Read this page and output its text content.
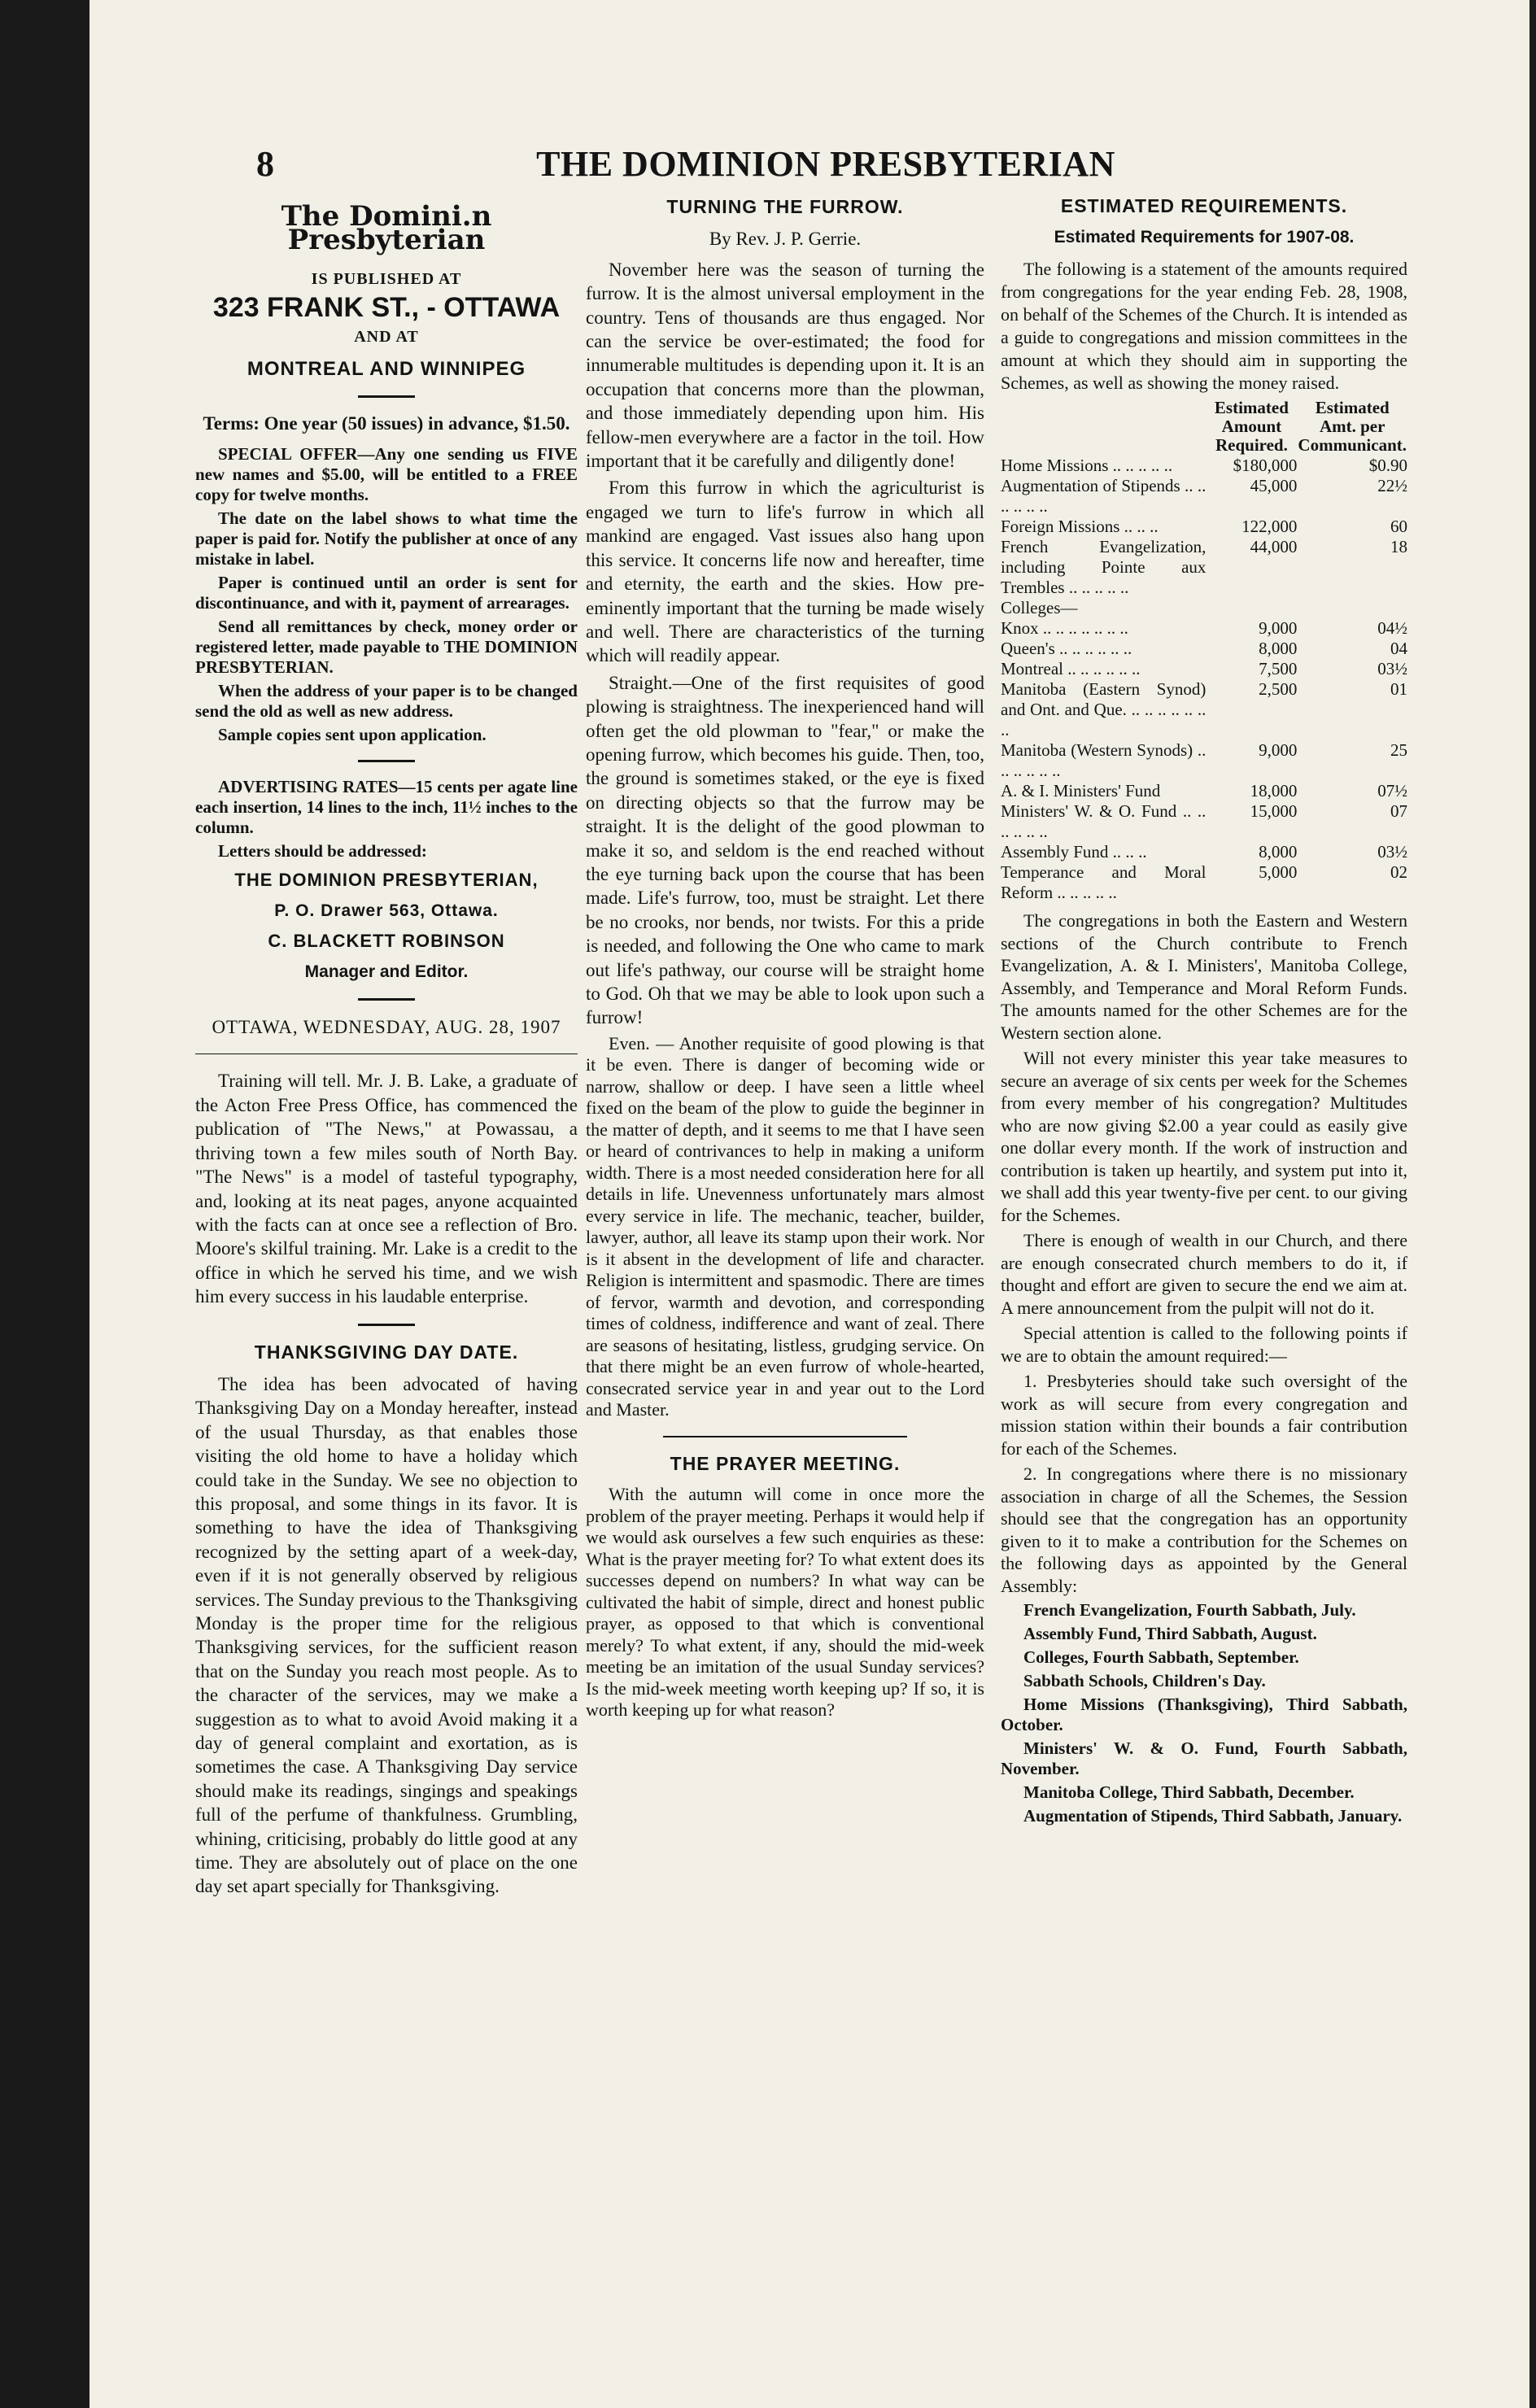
8	THE DOMINION PRESBYTERIAN
The Domini.n Presbyterian
IS PUBLISHED AT
323 FRANK ST., - OTTAWA
AND AT
MONTREAL AND WINNIPEG

Terms: One year (50 issues) in advance, $1.50.

SPECIAL OFFER—Any one sending us FIVE new names and $5.00, will be entitled to a FREE copy for twelve months.

The date on the label shows to what time the paper is paid for. Notify the publisher at once of any mistake in label.

Paper is continued until an order is sent for discontinuance, and with it, payment of arrearages.

Send all remittances by check, money order or registered letter, made payable to THE DOMINION PRESBYTERIAN.

When the address of your paper is to be changed send the old as well as new address.

Sample copies sent upon application.

ADVERTISING RATES—15 cents per agate line each insertion, 14 lines to the inch, 11½ inches to the column.

Letters should be addressed:

THE DOMINION PRESBYTERIAN,
P. O. Drawer 563, Ottawa.
C. BLACKETT ROBINSON
Manager and Editor.
OTTAWA, WEDNESDAY, AUG. 28, 1907

Training will tell. Mr. J. B. Lake, a graduate of the Acton Free Press Office, has commenced the publication of "The News," at Powassau, a thriving town a few miles south of North Bay. "The News" is a model of tasteful typography, and, looking at its neat pages, anyone acquainted with the facts can at once see a reflection of Bro. Moore's skilful training. Mr. Lake is a credit to the office in which he served his time, and we wish him every success in his laudable enterprise.

THANKSGIVING DAY DATE.

The idea has been advocated of having Thanksgiving Day on a Monday hereafter, instead of the usual Thursday, as that enables those visiting the old home to have a holiday which could take in the Sunday. We see no objection to this proposal, and some things in its favor. It is something to have the idea of Thanksgiving recognized by the setting apart of a week-day, even if it is not generally observed by religious services. The Sunday previous to the Thanksgiving Monday is the proper time for the religious Thanksgiving services, for the sufficient reason that on the Sunday you reach most people. As to the character of the services, may we make a suggestion as to what to avoid Avoid making it a day of general complaint and exortation, as is sometimes the case. A Thanksgiving Day service should make its readings, singings and speakings full of the perfume of thankfulness. Grumbling, whining, criticising, probably do little good at any time. They are absolutely out of place on the one day set apart specially for Thanksgiving.

TURNING THE FURROW.
By Rev. J. P. Gerrie.

November here was the season of turning the furrow. It is the almost universal employment in the country. Tens of thousands are thus engaged. Nor can the service be over-estimated; the food for innumerable multitudes is depending upon it. It is an occupation that concerns more than the plowman, and those immediately depending upon him. His fellow-men everywhere are a factor in the toil. How important that it be carefully and diligently done!

From this furrow in which the agriculturist is engaged we turn to life's furrow in which all mankind are engaged. Vast issues also hang upon this service. It concerns life now and hereafter, time and eternity, the earth and the skies. How pre-eminently important that the turning be made wisely and well. There are characteristics of the turning which will readily appear.

Straight.—One of the first requisites of good plowing is straightness. The inexperienced hand will often get the old plowman to "fear," or make the opening furrow, which becomes his guide. Then, too, the ground is sometimes staked, or the eye is fixed on directing objects so that the furrow may be straight. It is the delight of the good plowman to make it so, and seldom is the end reached without the eye turning back upon the course that has been made. Life's furrow, too, must be straight. Let there be no crooks, nor bends, nor twists. For this a pride is needed, and following the One who came to mark out life's pathway, our course will be straight home to God. Oh that we may be able to look upon such a furrow!

Even. — Another requisite of good plowing is that it be even. There is danger of becoming wide or narrow, shallow or deep. I have seen a little wheel fixed on the beam of the plow to guide the beginner in the matter of depth, and it seems to me that I have seen or heard of contrivances to help in making a uniform width. There is a most needed consideration here for all details in life. Unevenness unfortunately mars almost every service in life. The mechanic, teacher, builder, lawyer, author, all leave its stamp upon their work. Nor is it absent in the development of life and character. Religion is intermittent and spasmodic. There are times of fervor, warmth and devotion, and corresponding times of coldness, indifference and want of zeal. There are seasons of hesitating, listless, grudging service. On that there might be an even furrow of whole-hearted, consecrated service year in and year out to the Lord and Master.

THE PRAYER MEETING.

With the autumn will come in once more the problem of the prayer meeting. Perhaps it would help if we would ask ourselves a few such enquiries as these: What is the prayer meeting for? To what extent does its successes depend on numbers? In what way can be cultivated the habit of simple, direct and honest public prayer, as opposed to that which is conventional merely? To what extent, if any, should the mid-week meeting be an imitation of the usual Sunday services? Is the mid-week meeting worth keeping up? If so, it is worth keeping up for what reason?

ESTIMATED REQUIREMENTS.
Estimated Requirements for 1907-08.

The following is a statement of the amounts required from congregations for the year ending Feb. 28, 1908, on behalf of the Schemes of the Church. It is intended as a guide to congregations and mission committees in the amount at which they should aim in supporting the Schemes, as well as showing the money raised.

	Estimated Amount Required.	Estimated Amt. per Communicant.
Home Missions .. .. .. .. ..	$180,000	$0.90
Augmentation of Stipends .. .. .. .. .. ..	45,000	22½
Foreign Missions .. .. ..	122,000	60
French Evangelization, including Pointe aux Trembles .. .. .. .. ..	44,000	18
Colleges—		
Knox .. .. .. .. .. .. ..	9,000	04½
Queen's .. .. .. .. .. ..	8,000	04
Montreal .. .. .. .. .. ..	7,500	03½
Manitoba (Eastern Synod) and Ont. and Que. .. .. .. .. .. .. ..	2,500	01
Manitoba (Western Synods) .. .. .. .. .. ..	9,000	25
A. & I. Ministers' Fund	18,000	07½
Ministers' W. & O. Fund .. .. .. .. .. ..	15,000	07
Assembly Fund .. .. ..	8,000	03½
Temperance and Moral Reform .. .. .. .. ..	5,000	02

The congregations in both the Eastern and Western sections of the Church contribute to French Evangelization, A. & I. Ministers', Manitoba College, Assembly, and Temperance and Moral Reform Funds. The amounts named for the other Schemes are for the Western section alone.

Will not every minister this year take measures to secure an average of six cents per week for the Schemes from every member of his congregation? Multitudes who are now giving $2.00 a year could as easily give one dollar every month. If the work of instruction and contribution is taken up heartily, and system put into it, we shall add this year twenty-five per cent. to our giving for the Schemes.

There is enough of wealth in our Church, and there are enough consecrated church members to do it, if thought and effort are given to secure the end we aim at. A mere announcement from the pulpit will not do it.

Special attention is called to the following points if we are to obtain the amount required:—

1. Presbyteries should take such oversight of the work as will secure from every congregation and mission station within their bounds a fair contribution for each of the Schemes.

2. In congregations where there is no missionary association in charge of all the Schemes, the Session should see that the congregation has an opportunity given to it to make a contribution for the Schemes on the following days as appointed by the General Assembly:

French Evangelization, Fourth Sabbath, July.

Assembly Fund, Third Sabbath, August.

Colleges, Fourth Sabbath, September.

Sabbath Schools, Children's Day.

Home Missions (Thanksgiving), Third Sabbath, October.

Ministers' W. & O. Fund, Fourth Sabbath, November.

Manitoba College, Third Sabbath, December.

Augmentation of Stipends, Third Sabbath, January.
